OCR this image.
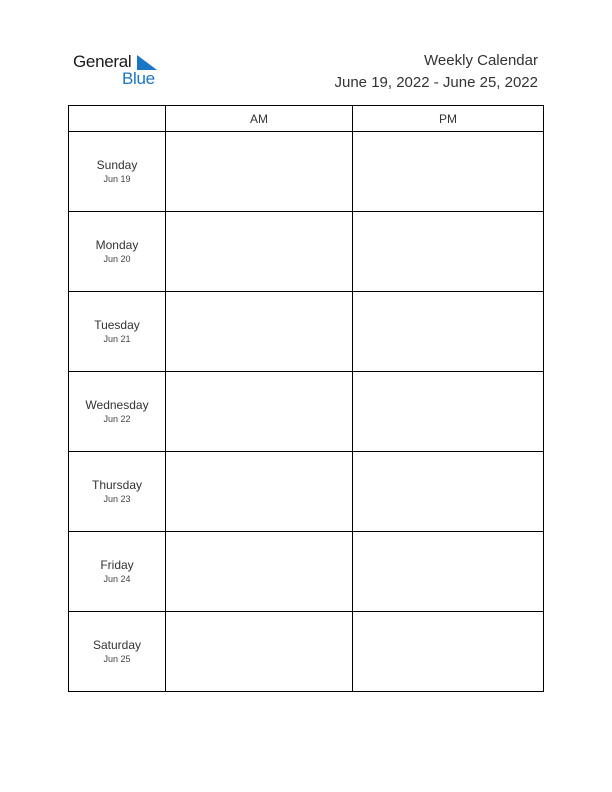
General
Blue
Weekly Calendar
June 19, 2022 - June 25, 2022
	AM	PM

Sunday
Jun 19		

Monday
Jun 20		

Tuesday
Jun 21		

Wednesday
Jun 22		

Thursday
Jun 23		

Friday
Jun 24		

Saturday
Jun 25		
